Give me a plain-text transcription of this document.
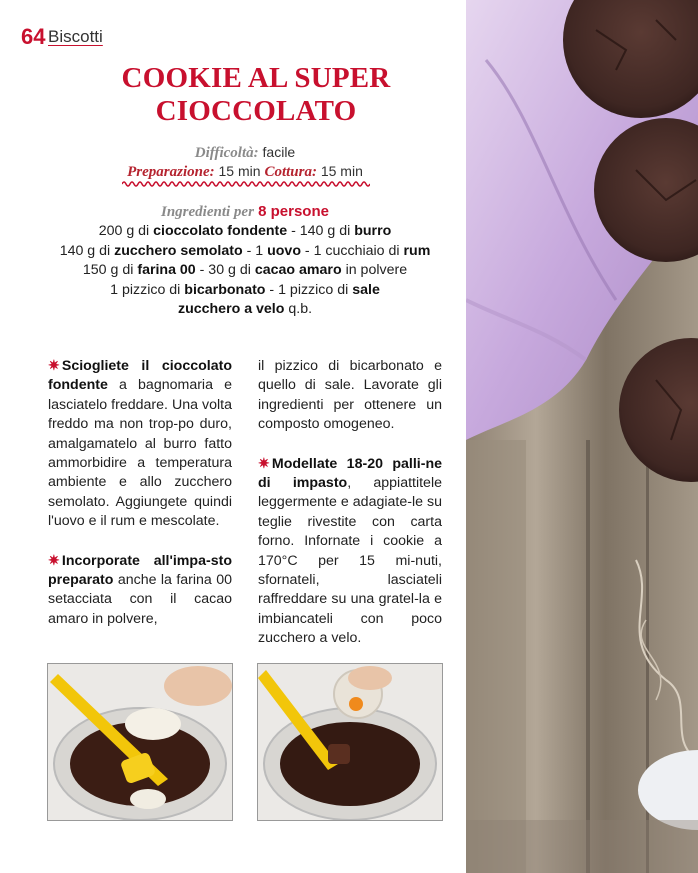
64 Biscotti
COOKIE AL SUPER
CIOCCOLATO
Difficoltà: facile
Preparazione: 15 min Cottura: 15 min
Ingredienti per 8 persone
200 g di cioccolato fondente - 140 g di burro
140 g di zucchero semolato - 1 uovo - 1 cucchiaio di rum
150 g di farina 00 - 30 g di cacao amaro in polvere
1 pizzico di bicarbonato - 1 pizzico di sale
zucchero a velo q.b.

✷ Sciogliete il cioccolato fondente a bagnomaria e lasciatelo freddare. Una volta freddo ma non trop-po duro, amalgamatelo al burro fatto ammorbidire a temperatura ambiente e allo zucchero semolato. Aggiungete quindi l'uovo e il rum e mescolate.

✷ Incorporate all'impa-sto preparato anche la farina 00 setacciata con il cacao amaro in polvere,

il pizzico di bicarbonato e quello di sale. Lavorate gli ingredienti per ottenere un composto omogeneo.

✷ Modellate 18-20 palli-ne di impasto, appiattitele leggermente e adagiate-le su teglie rivestite con carta forno. Infornate i cookie a 170°C per 15 mi-nuti, sfornateli, lasciateli raffreddare su una gratel-la e imbiancateli con poco zucchero a velo.
